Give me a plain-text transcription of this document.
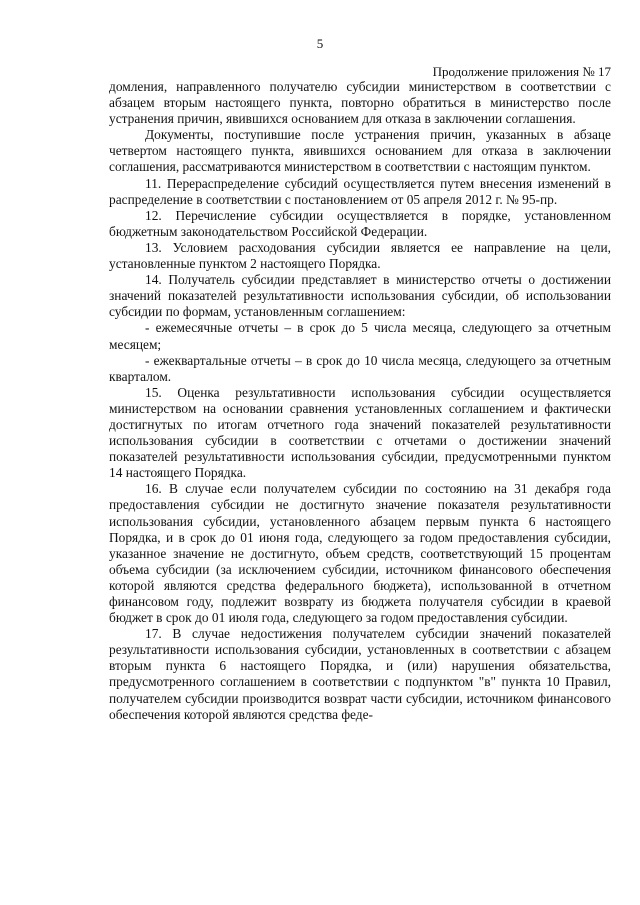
5
Продолжение приложения № 17

домления, направленного получателю субсидии министерством в соответствии с абзацем вторым настоящего пункта, повторно обратиться в министерство после устранения причин, явившихся основанием для отказа в заключении соглашения.

Документы, поступившие после устранения причин, указанных в абзаце четвертом настоящего пункта, явившихся основанием для отказа в заключении соглашения, рассматриваются министерством в соответствии с настоящим пунктом.

11. Перераспределение субсидий осуществляется путем внесения изменений в распределение в соответствии с постановлением от 05 апреля 2012 г. № 95-пр.

12. Перечисление субсидии осуществляется в порядке, установленном бюджетным законодательством Российской Федерации.

13. Условием расходования субсидии является ее направление на цели, установленные пунктом 2 настоящего Порядка.

14. Получатель субсидии представляет в министерство отчеты о достижении значений показателей результативности использования субсидии, об использовании субсидии по формам, установленным соглашением:

- ежемесячные отчеты – в срок до 5 числа месяца, следующего за отчетным месяцем;

- ежеквартальные отчеты – в срок до 10 числа месяца, следующего за отчетным кварталом.

15. Оценка результативности использования субсидии осуществляется министерством на основании сравнения установленных соглашением и фактически достигнутых по итогам отчетного года значений показателей результативности использования субсидии в соответствии с отчетами о достижении значений показателей результативности использования субсидии, предусмотренными пунктом 14 настоящего Порядка.

16. В случае если получателем субсидии по состоянию на 31 декабря года предоставления субсидии не достигнуто значение показателя результативности использования субсидии, установленного абзацем первым пункта 6 настоящего Порядка, и в срок до 01 июня года, следующего за годом предоставления субсидии, указанное значение не достигнуто, объем средств, соответствующий 15 процентам объема субсидии (за исключением субсидии, источником финансового обеспечения которой являются средства федерального бюджета), использованной в отчетном финансовом году, подлежит возврату из бюджета получателя субсидии в краевой бюджет в срок до 01 июля года, следующего за годом предоставления субсидии.

17. В случае недостижения получателем субсидии значений показателей результативности использования субсидии, установленных в соответствии с абзацем вторым пункта 6 настоящего Порядка, и (или) нарушения обязательства, предусмотренного соглашением в соответствии с подпунктом "в" пункта 10 Правил, получателем субсидии производится возврат части субсидии, источником финансового обеспечения которой являются средства феде-
